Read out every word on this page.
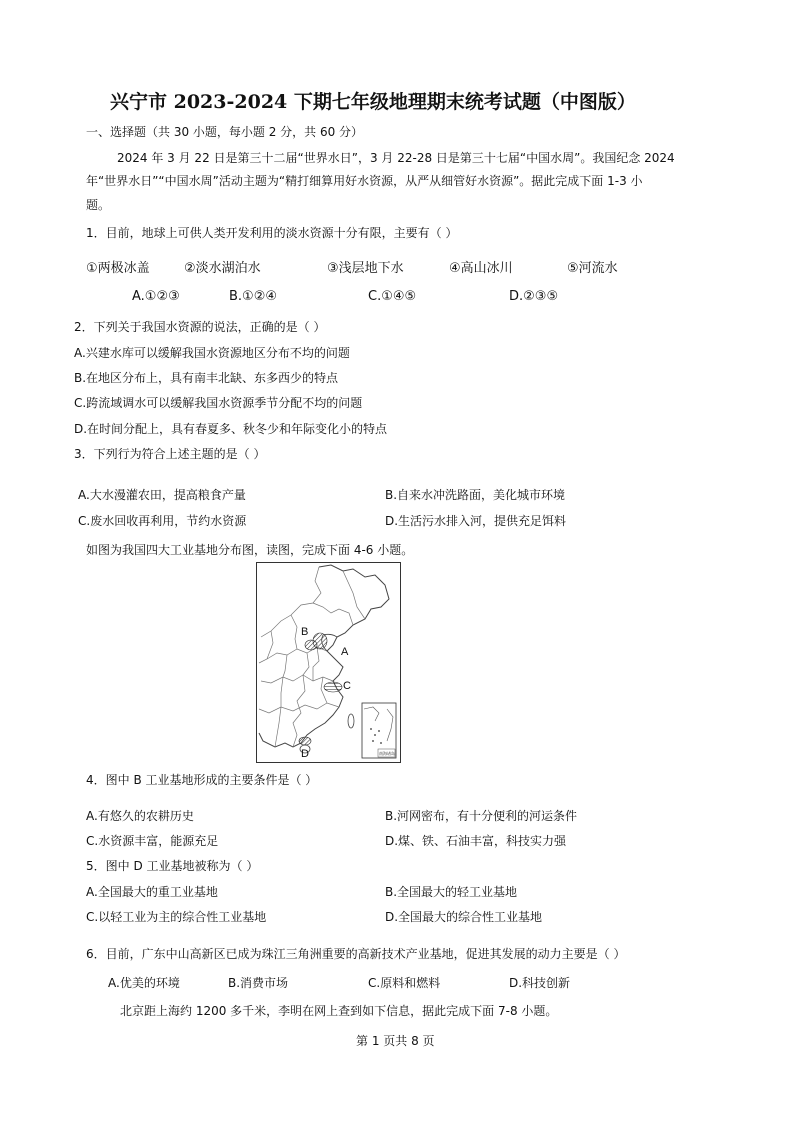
兴宁市 2023-2024 下期七年级地理期末统考试题（中图版）
一、选择题（共 30 小题，每小题 2 分，共 60 分）
2024 年 3 月 22 日是第三十二届“世界水日”，3 月 22-28 日是第三十七届“中国水周”。我国纪念 2024
年“世界水日”“中国水周”活动主题为“精打细算用好水资源，从严从细管好水资源”。据此完成下面 1-3 小
题。
1．目前，地球上可供人类开发利用的淡水资源十分有限，主要有（ ）
①两极冰盖	②淡水湖泊水	③浅层地下水	④高山冰川	⑤河流水
A.①②③	B.①②④	C.①④⑤	D.②③⑤
2．下列关于我国水资源的说法，正确的是（ ）
A.兴建水库可以缓解我国水资源地区分布不均的问题
B.在地区分布上，具有南丰北缺、东多西少的特点
C.跨流域调水可以缓解我国水资源季节分配不均的问题
D.在时间分配上，具有春夏多、秋冬少和年际变化小的特点
3．下列行为符合上述主题的是（ ）
A.大水漫灌农田，提高粮食产量	B.自来水冲洗路面，美化城市环境
C.废水回收再利用，节约水资源	D.生活污水排入河，提供充足饵料
如图为我国四大工业基地分布图，读图，完成下面 4-6 小题。
B
A
C
D	南海诸岛
4．图中 B 工业基地形成的主要条件是（ ）
A.有悠久的农耕历史	B.河网密布，有十分便利的河运条件
C.水资源丰富，能源充足	D.煤、铁、石油丰富，科技实力强
5．图中 D 工业基地被称为（ ）
A.全国最大的重工业基地	B.全国最大的轻工业基地
C.以轻工业为主的综合性工业基地	D.全国最大的综合性工业基地
6．目前，广东中山高新区已成为珠江三角洲重要的高新技术产业基地，促进其发展的动力主要是（ ）
A.优美的环境	B.消费市场	C.原料和燃料	D.科技创新
北京距上海约 1200 多千米，李明在网上查到如下信息，据此完成下面 7-8 小题。
第 1 页共 8 页
